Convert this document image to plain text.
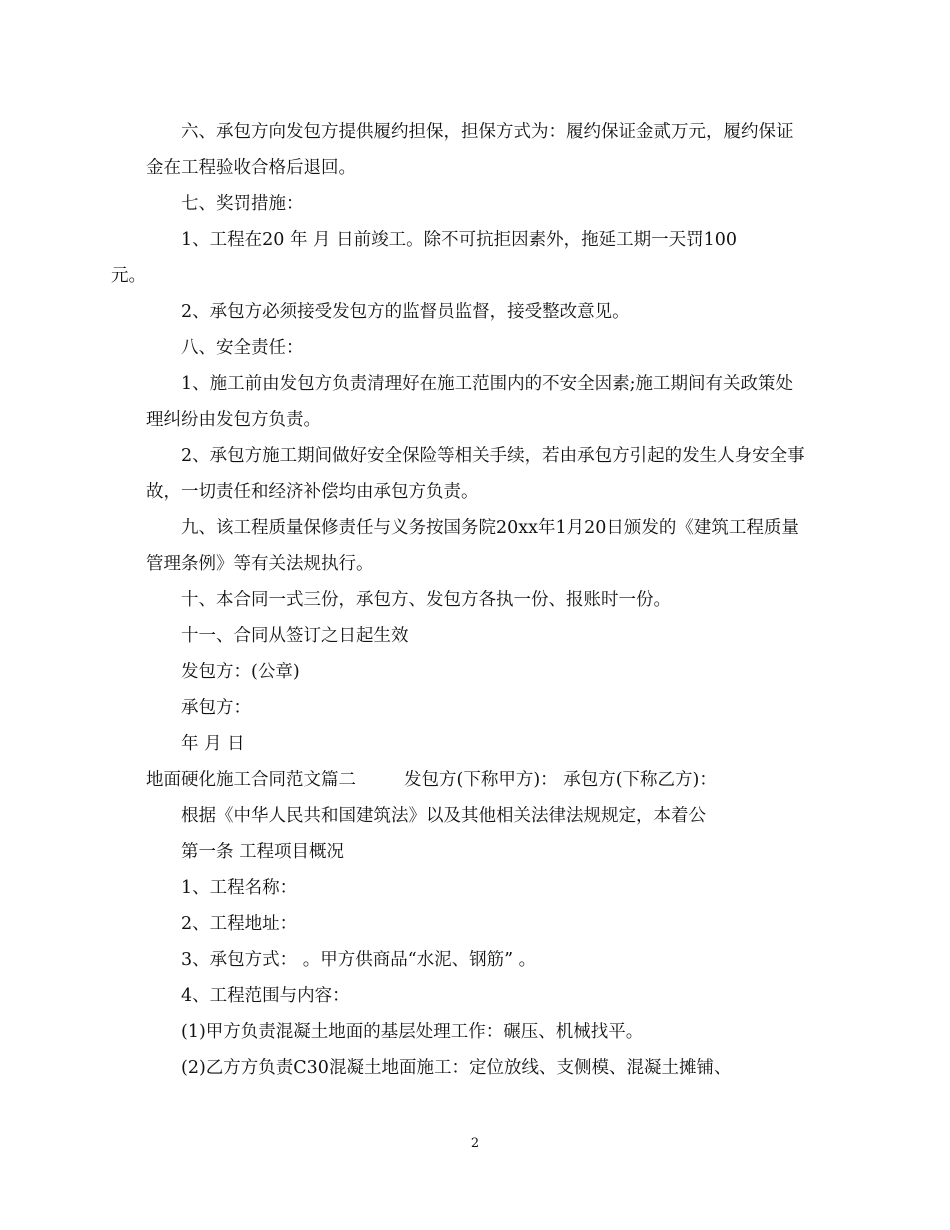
六、承包方向发包方提供履约担保，担保方式为：履约保证金贰万元，履约保证金在工程验收合格后退回。

七、奖罚措施：

1、工程在20 年 月 日前竣工。除不可抗拒因素外，拖延工期一天罚100
元。

2、承包方必须接受发包方的监督员监督，接受整改意见。

八、安全责任：

1、施工前由发包方负责清理好在施工范围内的不安全因素;施工期间有关政策处理纠纷由发包方负责。

2、承包方施工期间做好安全保险等相关手续，若由承包方引起的发生人身安全事故，一切责任和经济补偿均由承包方负责。

九、该工程质量保修责任与义务按国务院20xx年1月20日颁发的《建筑工程质量管理条例》等有关法规执行。

十、本合同一式三份，承包方、发包方各执一份、报账时一份。

十一、合同从签订之日起生效

发包方：(公章)

承包方：

年 月 日

地面硬化施工合同范文篇二	发包方(下称甲方)： 承包方(下称乙方)：

根据《中华人民共和国建筑法》以及其他相关法律法规规定，本着公

第一条 工程项目概况

1、工程名称：

2、工程地址：

3、承包方式： 。甲方供商品“水泥、钢筋” 。

4、工程范围与内容：

(1)甲方负责混凝土地面的基层处理工作：碾压、机械找平。

(2)乙方方负责C30混凝土地面施工：定位放线、支侧模、混凝土摊铺、

2
